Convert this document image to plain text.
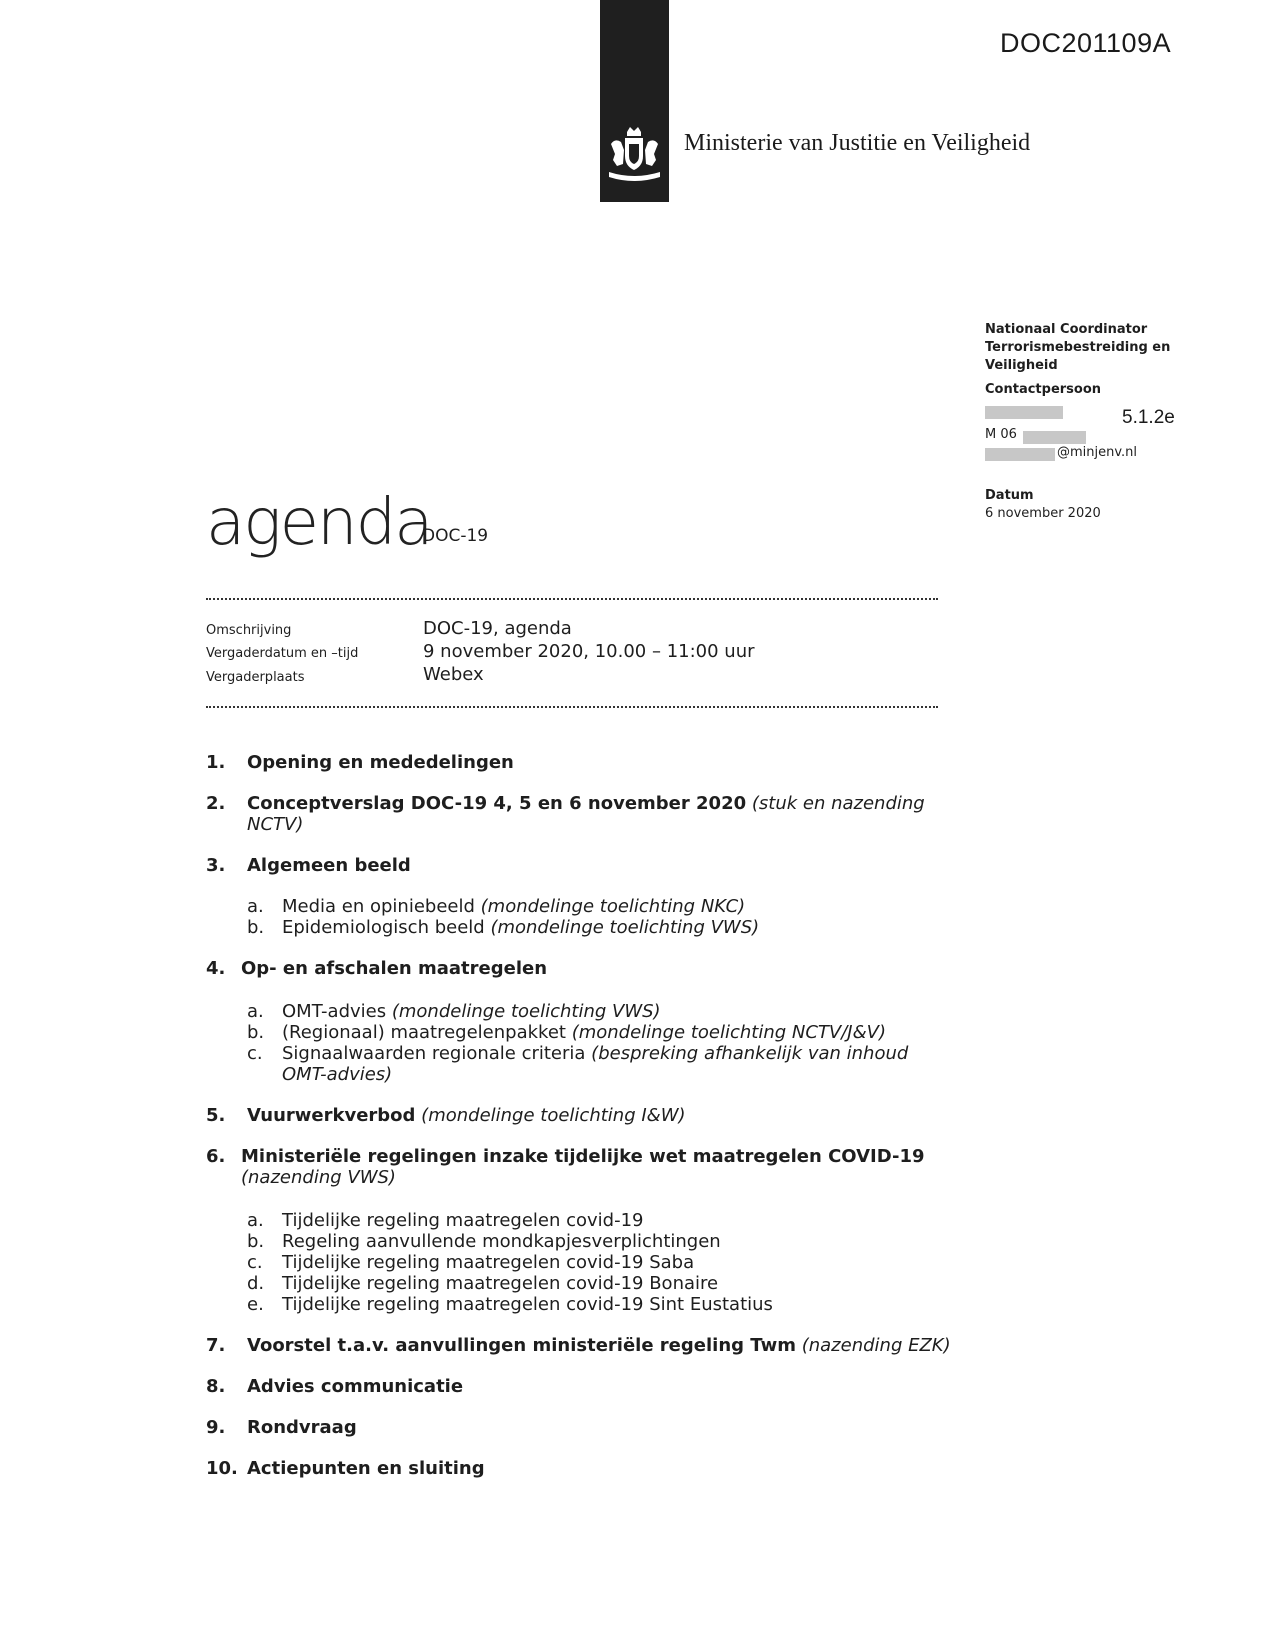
DOC201109A
Ministerie van Justitie en Veiligheid
Nationaal Coordinator
Terrorismebestreiding en
Veiligheid
Contactpersoon
5.1.2e
M 06
@minjenv.nl
Datum
6 november 2020
agenda
DOC-19
Omschrijving	DOC-19, agenda
Vergaderdatum en –tijd	9 november 2020, 10.00 – 11:00 uur
Vergaderplaats	Webex
1. Opening en mededelingen
2. Conceptverslag DOC-19 4, 5 en 6 november 2020 (stuk en nazending
NCTV)
3. Algemeen beeld
a. Media en opiniebeeld (mondelinge toelichting NKC)
b. Epidemiologisch beeld (mondelinge toelichting VWS)
4. Op- en afschalen maatregelen
a. OMT-advies (mondelinge toelichting VWS)
b. (Regionaal) maatregelenpakket (mondelinge toelichting NCTV/J&V)
c. Signaalwaarden regionale criteria (bespreking afhankelijk van inhoud
OMT-advies)
5. Vuurwerkverbod (mondelinge toelichting I&W)
6. Ministeriële regelingen inzake tijdelijke wet maatregelen COVID-19
(nazending VWS)
a. Tijdelijke regeling maatregelen covid-19
b. Regeling aanvullende mondkapjesverplichtingen
c. Tijdelijke regeling maatregelen covid-19 Saba
d. Tijdelijke regeling maatregelen covid-19 Bonaire
e. Tijdelijke regeling maatregelen covid-19 Sint Eustatius
7. Voorstel t.a.v. aanvullingen ministeriële regeling Twm (nazending EZK)
8. Advies communicatie
9. Rondvraag
10. Actiepunten en sluiting
